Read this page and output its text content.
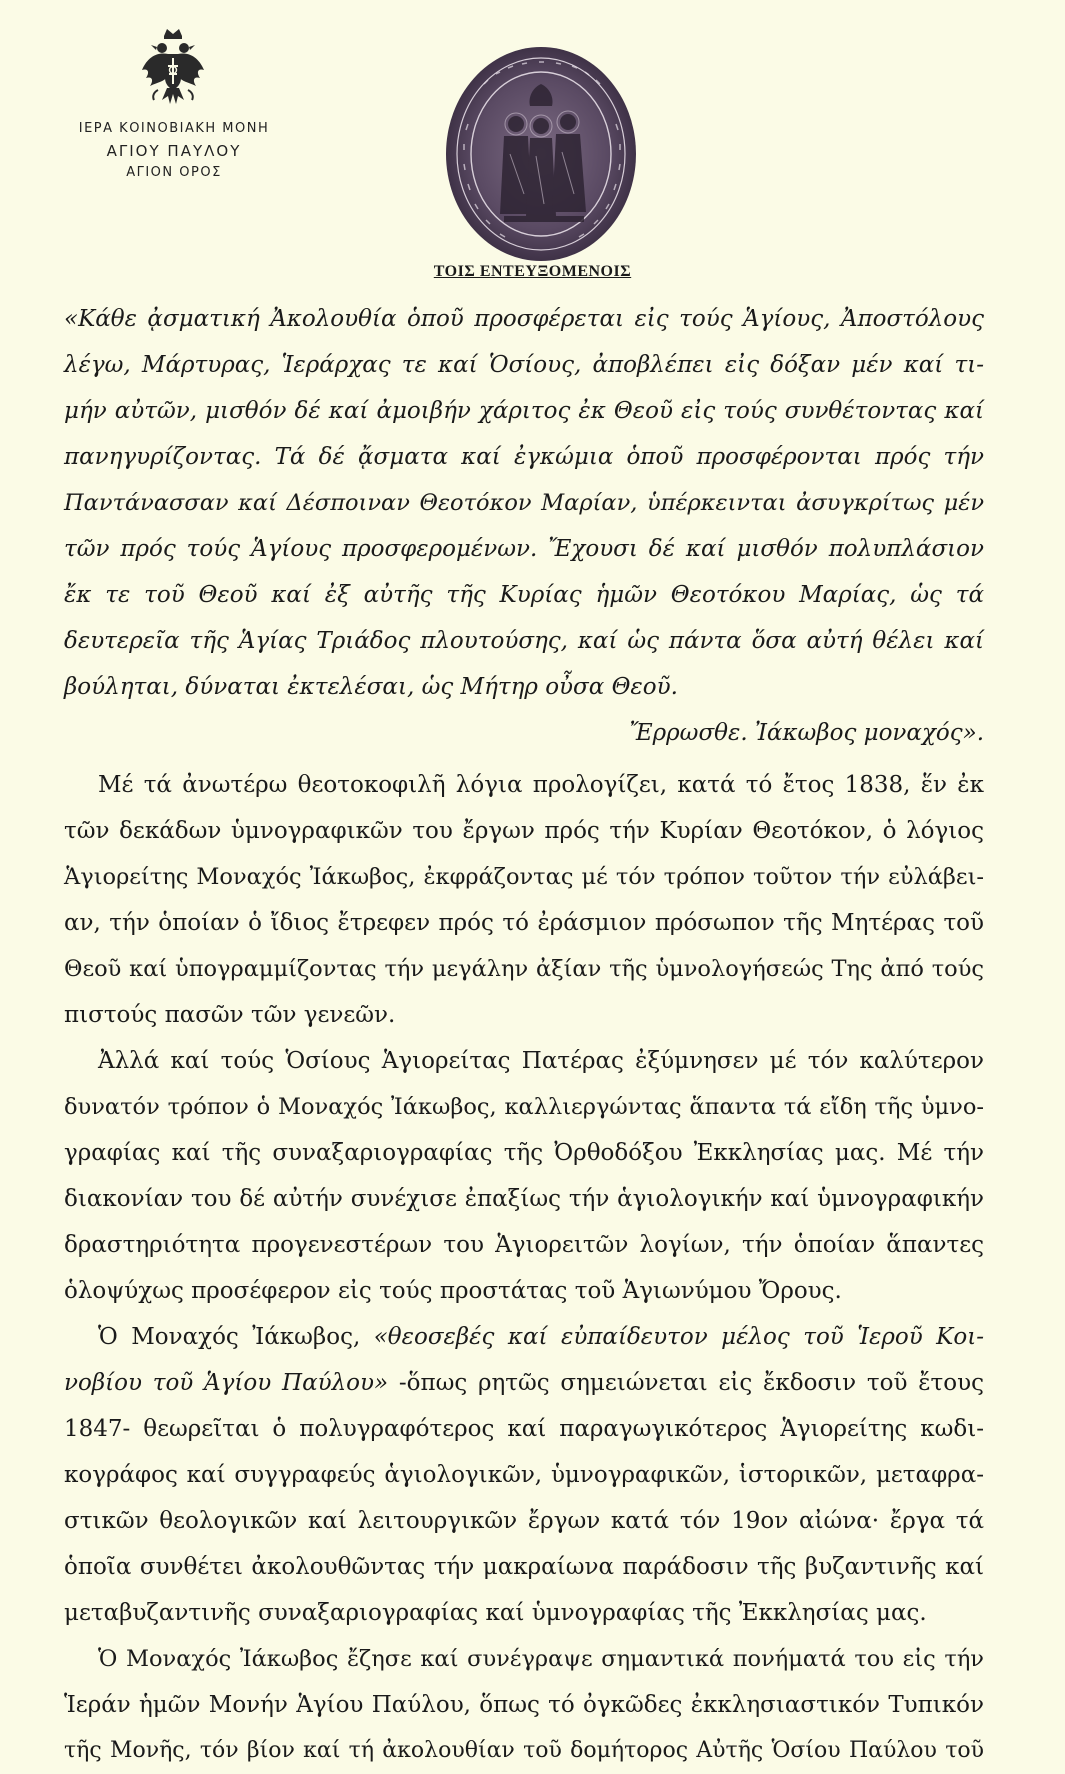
ΙΕΡΑ ΚΟΙΝΟΒΙΑΚΗ ΜΟΝΗ
ΑΓΙΟΥ ΠΑΥΛΟΥ
ΑΓΙΟΝ ΟΡΟΣ
ΤΟΙΣ ΕΝΤΕΥΞΟΜΕΝΟΙΣ
«Κάθε ᾀσματική Ἀκολουθία ὁποῦ προσφέρεται εἰς τούς Ἁγίους, Ἀποστόλους
λέγω, Μάρτυρας, Ἱεράρχας τε καί Ὁσίους, ἀποβλέπει εἰς δόξαν μέν καί τι-
μήν αὐτῶν, μισθόν δέ καί ἀμοιβήν χάριτος ἐκ Θεοῦ εἰς τούς συνθέτοντας καί
πανηγυρίζοντας. Τά δέ ᾄσματα καί ἐγκώμια ὁποῦ προσφέρονται πρός τήν
Παντάνασσαν καί Δέσποιναν Θεοτόκον Μαρίαν, ὑπέρκεινται ἀσυγκρίτως μέν
τῶν πρός τούς Ἁγίους προσφερομένων. Ἔχουσι δέ καί μισθόν πολυπλάσιον
ἔκ τε τοῦ Θεοῦ καί ἐξ αὐτῆς τῆς Κυρίας ἡμῶν Θεοτόκου Μαρίας, ὡς τά
δευτερεῖα τῆς Ἁγίας Τριάδος πλουτούσης, καί ὡς πάντα ὅσα αὐτή θέλει καί
βούληται, δύναται ἐκτελέσαι, ὡς Μήτηρ οὖσα Θεοῦ.
Ἔρρωσθε. Ἰάκωβος μοναχός».
Μέ τά ἀνωτέρω θεοτοκοφιλῆ λόγια προλογίζει, κατά τό ἔτος 1838, ἕν ἐκ
τῶν δεκάδων ὑμνογραφικῶν του ἔργων πρός τήν Κυρίαν Θεοτόκον, ὁ λόγιος
Ἁγιορείτης Μοναχός Ἰάκωβος, ἐκφράζοντας μέ τόν τρόπον τοῦτον τήν εὐλάβει-
αν, τήν ὁποίαν ὁ ἴδιος ἔτρεφεν πρός τό ἐράσμιον πρόσωπον τῆς Μητέρας τοῦ
Θεοῦ καί ὑπογραμμίζοντας τήν μεγάλην ἀξίαν τῆς ὑμνολογήσεώς Της ἀπό τούς
πιστούς πασῶν τῶν γενεῶν.
Ἀλλά καί τούς Ὁσίους Ἁγιορείτας Πατέρας ἐξύμνησεν μέ τόν καλύτερον
δυνατόν τρόπον ὁ Μοναχός Ἰάκωβος, καλλιεργώντας ἅπαντα τά εἴδη τῆς ὑμνο-
γραφίας καί τῆς συναξαριογραφίας τῆς Ὀρθοδόξου Ἐκκλησίας μας. Μέ τήν
διακονίαν του δέ αὐτήν συνέχισε ἐπαξίως τήν ἁγιολογικήν καί ὑμνογραφικήν
δραστηριότητα προγενεστέρων του Ἁγιορειτῶν λογίων, τήν ὁποίαν ἅπαντες
ὁλοψύχως προσέφερον εἰς τούς προστάτας τοῦ Ἁγιωνύμου Ὄρους.
Ὁ Μοναχός Ἰάκωβος, «θεοσεβές καί εὐπαίδευτον μέλος τοῦ Ἱεροῦ Κοι-
νοβίου τοῦ Ἁγίου Παύλου» -ὅπως ρητῶς σημειώνεται εἰς ἔκδοσιν τοῦ ἔτους
1847- θεωρεῖται ὁ πολυγραφότερος καί παραγωγικότερος Ἁγιορείτης κωδι-
κογράφος καί συγγραφεύς ἁγιολογικῶν, ὑμνογραφικῶν, ἱστορικῶν, μεταφρα-
στικῶν θεολογικῶν καί λειτουργικῶν ἔργων κατά τόν 19ον αἰώνα· ἔργα τά
ὁποῖα συνθέτει ἀκολουθῶντας τήν μακραίωνα παράδοσιν τῆς βυζαντινῆς καί
μεταβυζαντινῆς συναξαριογραφίας καί ὑμνογραφίας τῆς Ἐκκλησίας μας.
Ὁ Μοναχός Ἰάκωβος ἔζησε καί συνέγραψε σημαντικά πονήματά του εἰς τήν
Ἱεράν ἡμῶν Μονήν Ἁγίου Παύλου, ὅπως τό ὀγκῶδες ἐκκλησιαστικόν Τυπικόν
τῆς Μονῆς, τόν βίον καί τή ἀκολουθίαν τοῦ δομήτορος Αὐτῆς Ὁσίου Παύλου τοῦ
